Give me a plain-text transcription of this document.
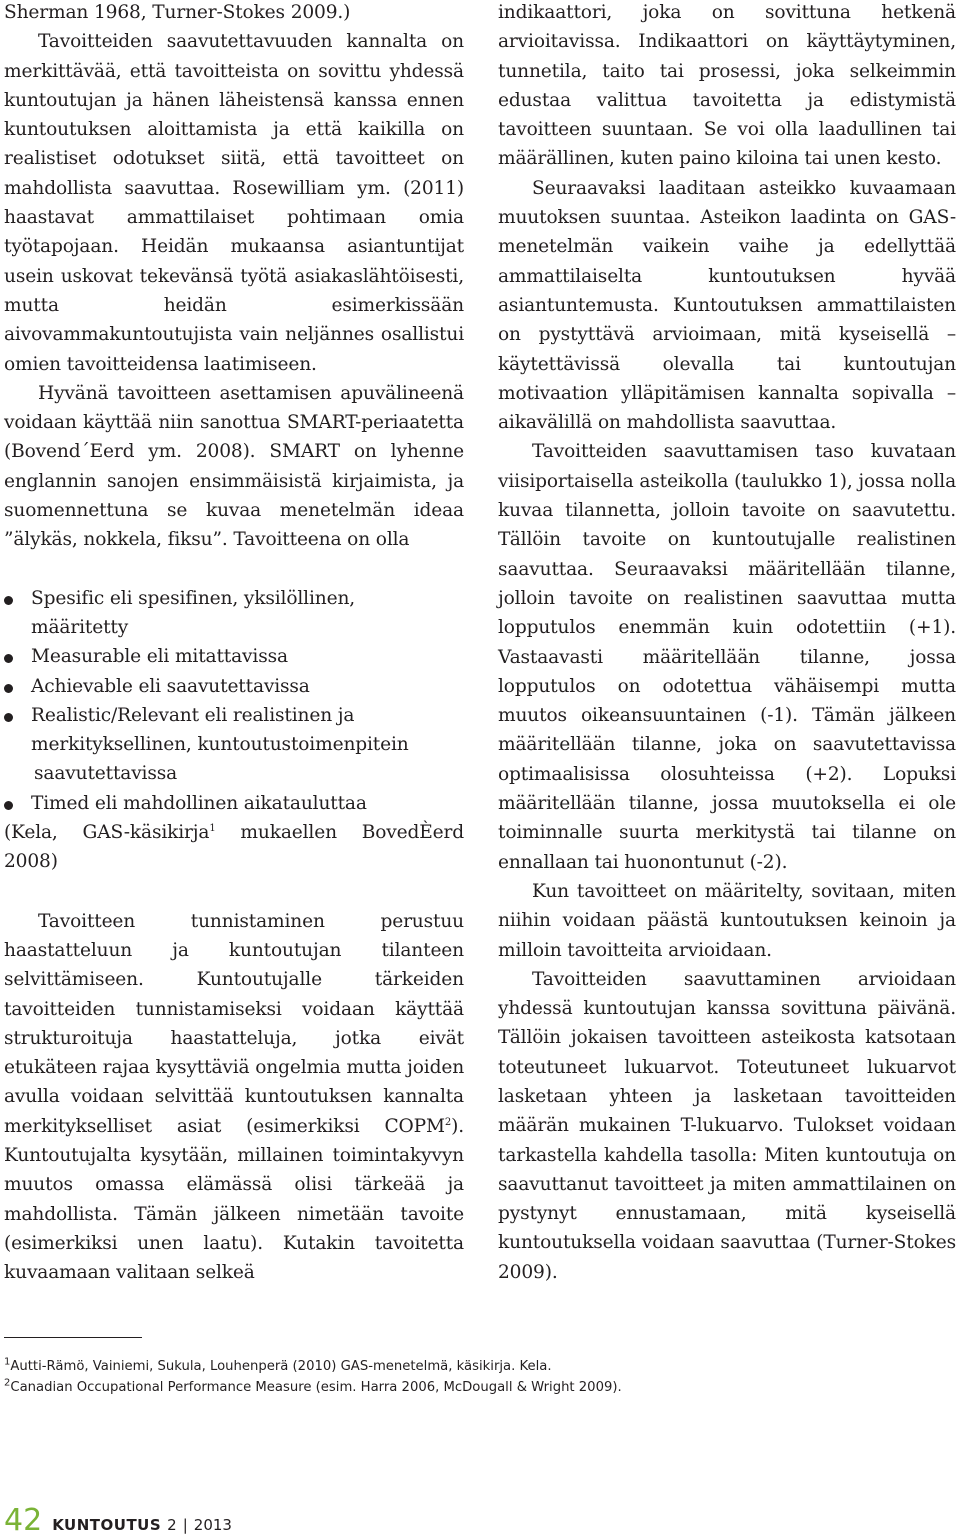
Sherman 1968, Turner-Stokes 2009.)

Tavoitteiden saavutettavuuden kannalta on merkittävää, että tavoitteista on sovittu yhdessä kuntoutujan ja hänen läheistensä kanssa ennen kuntoutuksen aloittamista ja että kaikilla on realistiset odotukset siitä, että tavoitteet on mahdollista saavuttaa. Rosewilliam ym. (2011) haastavat ammattilaiset pohtimaan omia työtapojaan. Heidän mukaansa asiantuntijat usein uskovat tekevänsä työtä asiakaslähtöisesti, mutta heidän esimerkissään aivovammakuntoutujista vain neljännes osallistui omien tavoitteidensa laatimiseen.

Hyvänä tavoitteen asettamisen apuvälineenä voidaan käyttää niin sanottua SMART-periaatetta (Bovend´Eerd ym. 2008). SMART on lyhenne englannin sanojen ensimmäisistä kirjaimista, ja suomennettuna se kuvaa menetelmän ideaa ”älykäs, nokkela, fiksu”. Tavoitteena on olla

Spesific eli spesifinen, yksilöllinen,
määritetty
Measurable eli mitattavissa
Achievable eli saavutettavissa
Realistic/Relevant eli realistinen ja
merkityksellinen, kuntoutustoimenpitein

saavutettavissa
Timed eli mahdollinen aikatauluttaa

(Kela, GAS-käsikirja$^1$ mukaellen BovedÈerd 2008)

Tavoitteen tunnistaminen perustuu haastatteluun ja kuntoutujan tilanteen selvittämiseen. Kuntoutujalle tärkeiden tavoitteiden tunnistamiseksi voidaan käyttää strukturoituja haastatteluja, jotka eivät etukäteen rajaa kysyttäviä ongelmia mutta joiden avulla voidaan selvittää kuntoutuksen kannalta merkitykselliset asiat (esimerkiksi COPM$^2$). Kuntoutujalta kysytään, millainen toimintakyvyn muutos omassa elämässä olisi tärkeää ja mahdollista. Tämän jälkeen nimetään tavoite (esimerkiksi unen laatu). Kutakin tavoitetta kuvaamaan valitaan selkeä

indikaattori, joka on sovittuna hetkenä arvioitavissa. Indikaattori on käyttäytyminen, tunnetila, taito tai prosessi, joka selkeimmin edustaa valittua tavoitetta ja edistymistä tavoitteen suuntaan. Se voi olla laadullinen tai määrällinen, kuten paino kiloina tai unen kesto.

Seuraavaksi laaditaan asteikko kuvaamaan muutoksen suuntaa. Asteikon laadinta on GAS-menetelmän vaikein vaihe ja edellyttää ammattilaiselta kuntoutuksen hyvää asiantuntemusta. Kuntoutuksen ammattilaisten on pystyttävä arvioimaan, mitä kyseisellä – käytettävissä olevalla tai kuntoutujan motivaation ylläpitämisen kannalta sopivalla – aikavälillä on mahdollista saavuttaa.

Tavoitteiden saavuttamisen taso kuvataan viisiportaisella asteikolla (taulukko 1), jossa nolla kuvaa tilannetta, jolloin tavoite on saavutettu. Tällöin tavoite on kuntoutujalle realistinen saavuttaa. Seuraavaksi määritellään tilanne, jolloin tavoite on realistinen saavuttaa mutta lopputulos enemmän kuin odotettiin (+1). Vastaavasti määritellään tilanne, jossa lopputulos on odotettua vähäisempi mutta muutos oikeansuuntainen (-1). Tämän jälkeen määritellään tilanne, joka on saavutettavissa optimaalisissa olosuhteissa (+2). Lopuksi määritellään tilanne, jossa muutoksella ei ole toiminnalle suurta merkitystä tai tilanne on ennallaan tai huonontunut (-2).

Kun tavoitteet on määritelty, sovitaan, miten niihin voidaan päästä kuntoutuksen keinoin ja milloin tavoitteita arvioidaan.

Tavoitteiden saavuttaminen arvioidaan yhdessä kuntoutujan kanssa sovittuna päivänä. Tällöin jokaisen tavoitteen asteikosta katsotaan toteutuneet lukuarvot. Toteutuneet lukuarvot lasketaan yhteen ja lasketaan tavoitteiden määrän mukainen T-lukuarvo. Tulokset voidaan tarkastella kahdella tasolla: Miten kuntoutuja on saavuttanut tavoitteet ja miten ammattilainen on pystynyt ennustamaan, mitä kyseisellä kuntoutuksella voidaan saavuttaa (Turner-Stokes 2009).

$^1$Autti-Rämö, Vainiemi, Sukula, Louhenperä (2010) GAS-menetelmä, käsikirja. Kela.

$^2$Canadian Occupational Performance Measure (esim. Harra 2006, McDougall & Wright 2009).

42 KUNTOUTUS 2 | 2013
